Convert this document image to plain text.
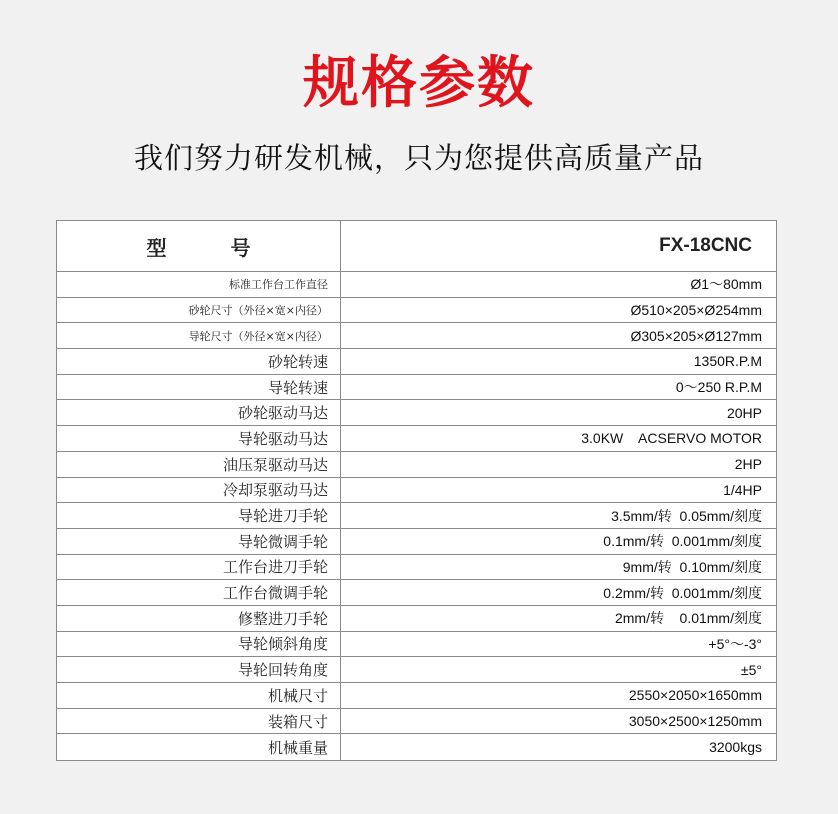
规格参数
我们努力研发机械，只为您提供高质量产品
型　号	FX-18CNC
标准工作台工作直径	Ø1～80mm
砂轮尺寸（外径×宽×内径）	Ø510×205×Ø254mm
导轮尺寸（外径×宽×内径）	Ø305×205×Ø127mm
砂轮转速	1350R.P.M
导轮转速	0～250 R.P.M
砂轮驱动马达	20HP
导轮驱动马达	3.0KW    ACSERVO MOTOR
油压泵驱动马达	2HP
冷却泵驱动马达	1/4HP
导轮进刀手轮	3.5mm/转  0.05mm/刻度
导轮微调手轮	0.1mm/转  0.001mm/刻度
工作台进刀手轮	9mm/转  0.10mm/刻度
工作台微调手轮	0.2mm/转  0.001mm/刻度
修整进刀手轮	2mm/转    0.01mm/刻度
导轮倾斜角度	+5°～-3°
导轮回转角度	±5°
机械尺寸	2550×2050×1650mm
装箱尺寸	3050×2500×1250mm
机械重量	3200kgs
